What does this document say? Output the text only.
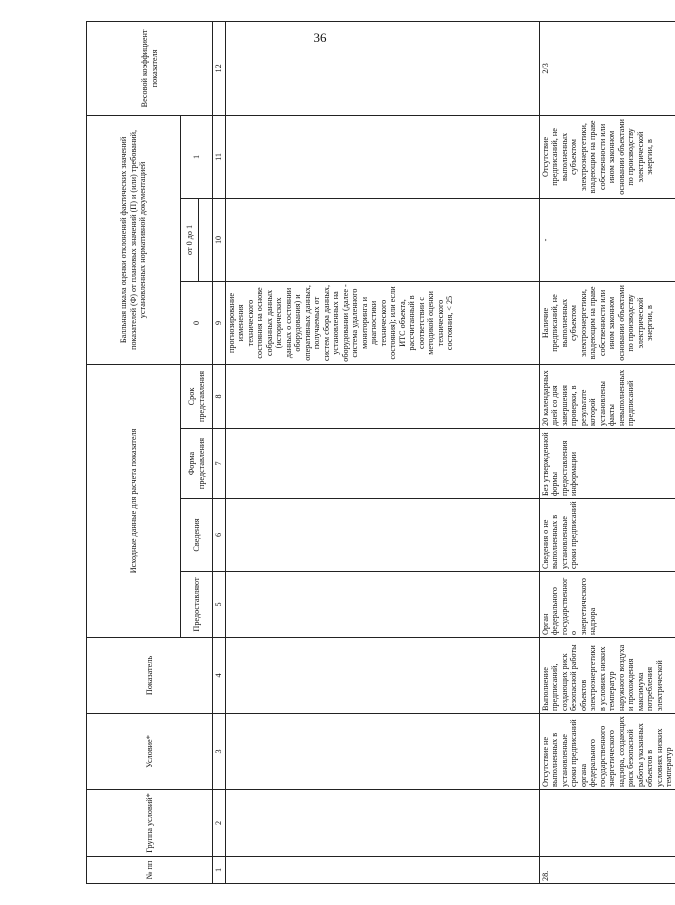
36
№ пп	Группа условий*	Условие*	Показатель	Исходные данные для расчета показателя				Балльная шкала оценки отклонений фактических значений показателей (Ф) от плановых значений (П) и (или) требований, установленных нормативной документацией			Весовой коэффициент показателя
				Предоставляют	Сведения	Форма представления	Срок представления	0	от 0 до 1	1	

1	2	3	4	5	6	7	8	9	10	11	12
								прогнозирование изменения технического состояния на основе собранных данных (исторических данных о состоянии оборудования) и оперативных данных, получаемых от систем сбора данных, установленных на оборудовании (далее - система удаленного мониторинга и диагностики технического состояния); или если ИТС объекта, рассчитанный в соответствии с методикой оценки технического состояния, < 25			
28.		Отсутствие не выполненных в установленные сроки предписаний органа федерального государственного энергетического надзора, создающих риск безопасной работы указанных объектов в условиях низких температур	Выполнение предписаний, создающих риск безопасной работы объектов электроэнергетики в условиях низких температур наружного воздуха и прохождения максимума потребления электрической	Орган федерального государственного энергетического надзора	Сведения о не выполненных в установленные сроки предписаний	Без утвержденной формы предоставления информации	20 календарных дней со дня завершения проверки, в результате которой установлены факты невыполненных предписаний	Наличие предписаний, не выполненных субъектом электроэнергетики, владеющим на праве собственности или ином законном основании объектами по производству электрической энергии, в	-	Отсутствие предписаний, не выполненных субъектом электроэнергетики, владеющим на праве собственности или ином законном основании объектами по производству электрической энергии, в	2/3
